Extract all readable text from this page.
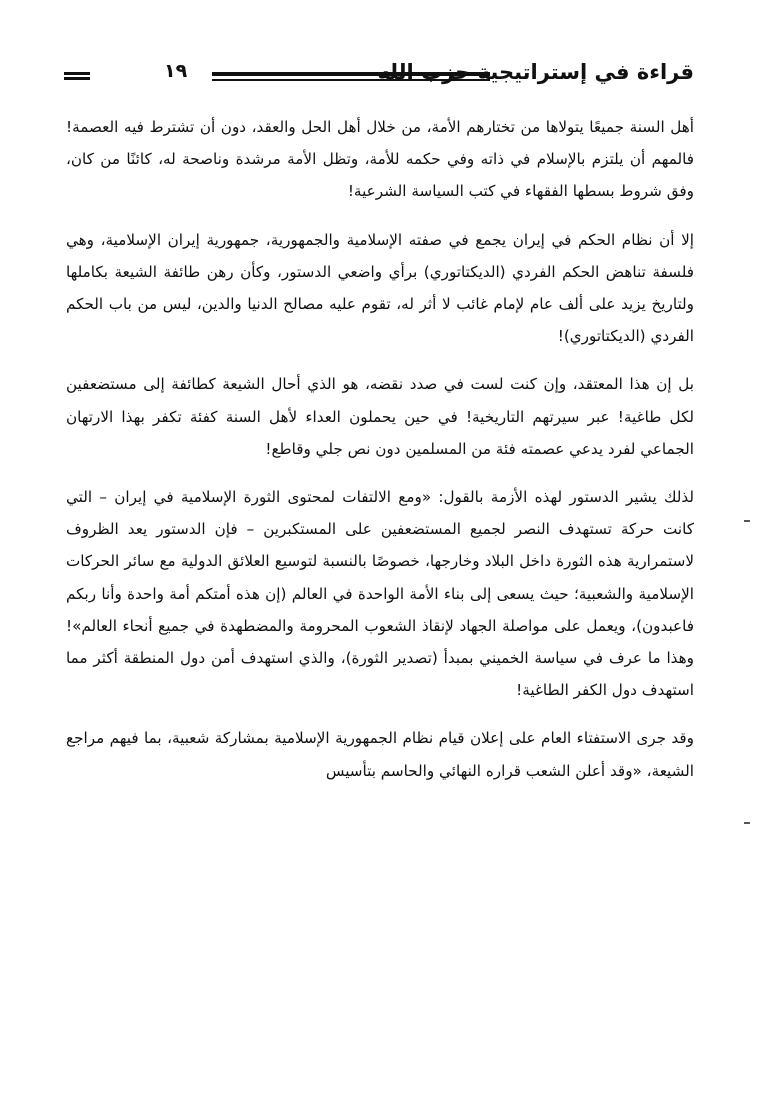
١٩	قراءة في إستراتيجية حزب الله

أهل السنة جميعًا يتولاها من تختارهم الأمة، من خلال أهل الحل والعقد، دون أن تشترط فيه العصمة! فالمهم أن يلتزم بالإسلام في ذاته وفي حكمه للأمة، وتظل الأمة مرشدة وناصحة له، كائنًا من كان، وفق شروط بسطها الفقهاء في كتب السياسة الشرعية!

إلا أن نظام الحكم في إيران يجمع في صفته الإسلامية والجمهورية، جمهورية إيران الإسلامية، وهي فلسفة تناهض الحكم الفردي (الديكتاتوري) برأي واضعي الدستور، وكأن رهن طائفة الشيعة بكاملها ولتاريخ يزيد على ألف عام لإمام غائب لا أثر له، تقوم عليه مصالح الدنيا والدين، ليس من باب الحكم الفردي (الديكتاتوري)!

بل إن هذا المعتقد، وإن كنت لست في صدد نقضه، هو الذي أحال الشيعة كطائفة إلى مستضعفين لكل طاغية! عبر سيرتهم التاريخية! في حين يحملون العداء لأهل السنة كفئة تكفر بهذا الارتهان الجماعي لفرد يدعي عصمته فئة من المسلمين دون نص جلي وقاطع!

لذلك يشير الدستور لهذه الأزمة بالقول: «ومع الالتفات لمحتوى الثورة الإسلامية في إيران – التي كانت حركة تستهدف النصر لجميع المستضعفين على المستكبرين – فإن الدستور يعد الظروف لاستمرارية هذه الثورة داخل البلاد وخارجها، خصوصًا بالنسبة لتوسيع العلائق الدولية مع سائر الحركات الإسلامية والشعبية؛ حيث يسعى إلى بناء الأمة الواحدة في العالم (إن هذه أمتكم أمة واحدة وأنا ربكم فاعبدون)، ويعمل على مواصلة الجهاد لإنقاذ الشعوب المحرومة والمضطهدة في جميع أنحاء العالم»! وهذا ما عرف في سياسة الخميني بمبدأ (تصدير الثورة)، والذي استهدف أمن دول المنطقة أكثر مما استهدف دول الكفر الطاغية!

وقد جرى الاستفتاء العام على إعلان قيام نظام الجمهورية الإسلامية بمشاركة شعبية، بما فيهم مراجع الشيعة، «وقد أعلن الشعب قراره النهائي والحاسم بتأسيس
